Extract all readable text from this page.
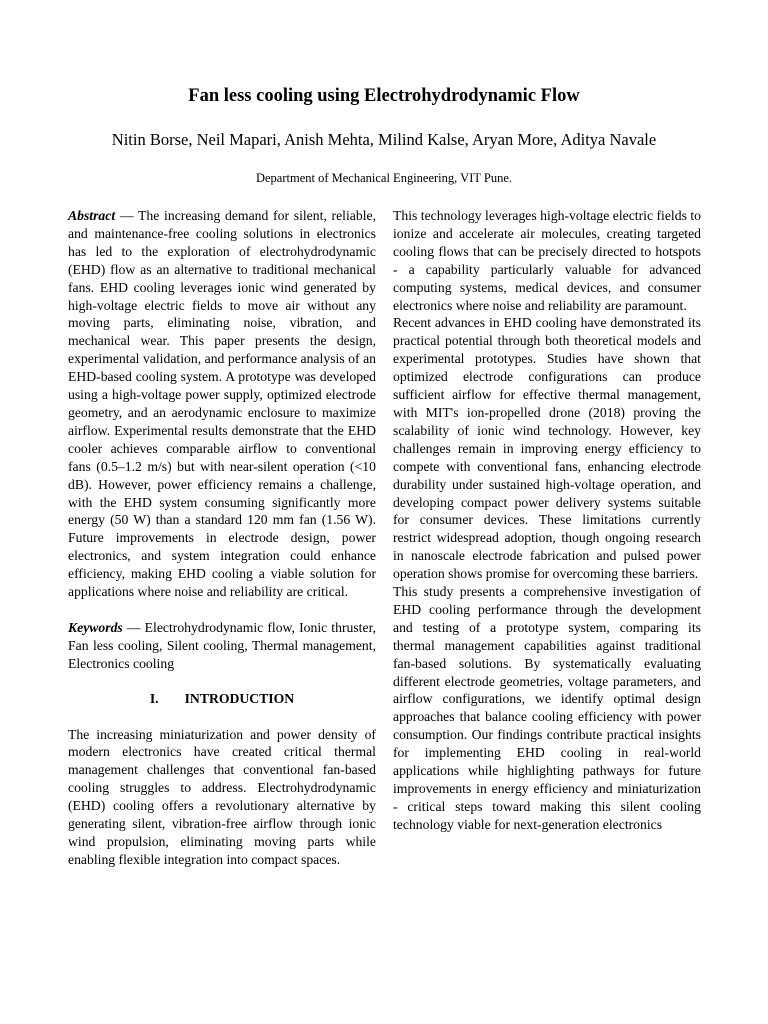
Fan less cooling using Electrohydrodynamic Flow

Nitin Borse, Neil Mapari, Anish Mehta, Milind Kalse, Aryan More, Aditya Navale

Department of Mechanical Engineering, VIT Pune.

Abstract — The increasing demand for silent, reliable, and maintenance-free cooling solutions in electronics has led to the exploration of electrohydrodynamic (EHD) flow as an alternative to traditional mechanical fans. EHD cooling leverages ionic wind generated by high-voltage electric fields to move air without any moving parts, eliminating noise, vibration, and mechanical wear. This paper presents the design, experimental validation, and performance analysis of an EHD-based cooling system. A prototype was developed using a high-voltage power supply, optimized electrode geometry, and an aerodynamic enclosure to maximize airflow. Experimental results demonstrate that the EHD cooler achieves comparable airflow to conventional fans (0.5–1.2 m/s) but with near-silent operation (<10 dB). However, power efficiency remains a challenge, with the EHD system consuming significantly more energy (50 W) than a standard 120 mm fan (1.56 W). Future improvements in electrode design, power electronics, and system integration could enhance efficiency, making EHD cooling a viable solution for applications where noise and reliability are critical.

Keywords — Electrohydrodynamic flow, Ionic thruster, Fan less cooling, Silent cooling, Thermal management, Electronics cooling

I. INTRODUCTION

The increasing miniaturization and power density of modern electronics have created critical thermal management challenges that conventional fan-based cooling struggles to address. Electrohydrodynamic (EHD) cooling offers a revolutionary alternative by generating silent, vibration-free airflow through ionic wind propulsion, eliminating moving parts while enabling flexible integration into compact spaces.

This technology leverages high-voltage electric fields to ionize and accelerate air molecules, creating targeted cooling flows that can be precisely directed to hotspots - a capability particularly valuable for advanced computing systems, medical devices, and consumer electronics where noise and reliability are paramount.

Recent advances in EHD cooling have demonstrated its practical potential through both theoretical models and experimental prototypes. Studies have shown that optimized electrode configurations can produce sufficient airflow for effective thermal management, with MIT's ion-propelled drone (2018) proving the scalability of ionic wind technology. However, key challenges remain in improving energy efficiency to compete with conventional fans, enhancing electrode durability under sustained high-voltage operation, and developing compact power delivery systems suitable for consumer devices. These limitations currently restrict widespread adoption, though ongoing research in nanoscale electrode fabrication and pulsed power operation shows promise for overcoming these barriers.

This study presents a comprehensive investigation of EHD cooling performance through the development and testing of a prototype system, comparing its thermal management capabilities against traditional fan-based solutions. By systematically evaluating different electrode geometries, voltage parameters, and airflow configurations, we identify optimal design approaches that balance cooling efficiency with power consumption. Our findings contribute practical insights for implementing EHD cooling in real-world applications while highlighting pathways for future improvements in energy efficiency and miniaturization - critical steps toward making this silent cooling technology viable for next-generation electronics
